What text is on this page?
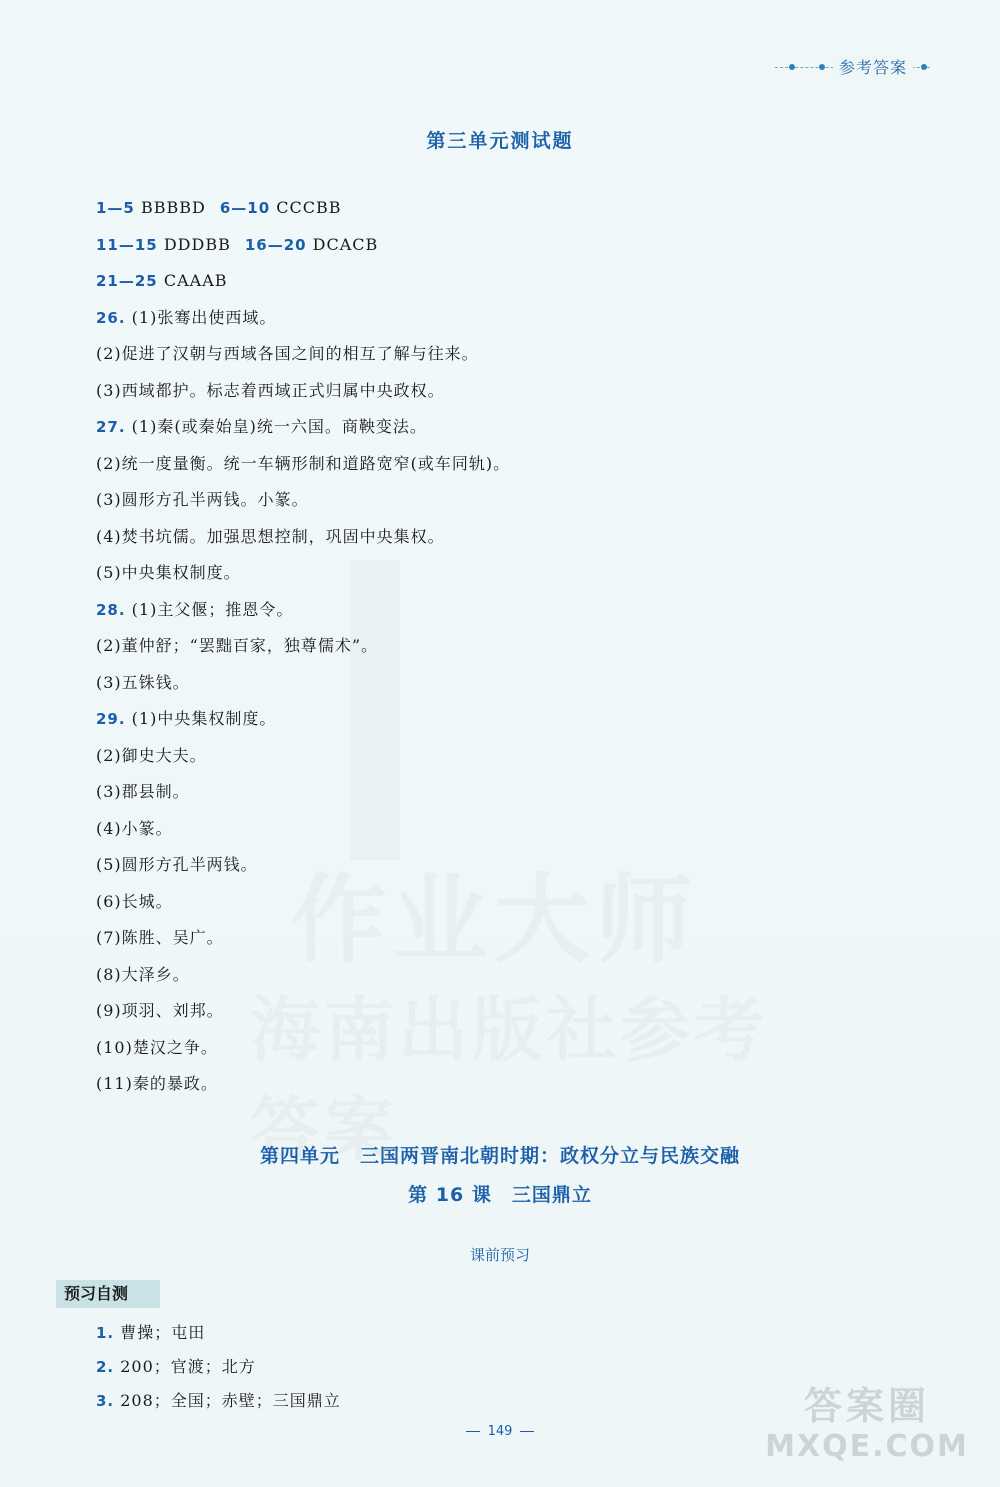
作业大师
海南出版社参考答案
参考答案
第三单元测试题
1—5 BBBBD 6—10 CCCBB
11—15 DDDBB 16—20 DCACB
21—25 CAAAB
26. (1)张骞出使西域。
(2)促进了汉朝与西域各国之间的相互了解与往来。
(3)西域都护。标志着西域正式归属中央政权。
27. (1)秦(或秦始皇)统一六国。商鞅变法。
(2)统一度量衡。统一车辆形制和道路宽窄(或车同轨)。
(3)圆形方孔半两钱。小篆。
(4)焚书坑儒。加强思想控制，巩固中央集权。
(5)中央集权制度。
28. (1)主父偃；推恩令。
(2)董仲舒；“罢黜百家，独尊儒术”。
(3)五铢钱。
29. (1)中央集权制度。
(2)御史大夫。
(3)郡县制。
(4)小篆。
(5)圆形方孔半两钱。
(6)长城。
(7)陈胜、吴广。
(8)大泽乡。
(9)项羽、刘邦。
(10)楚汉之争。
(11)秦的暴政。
第四单元　三国两晋南北朝时期：政权分立与民族交融
第 16 课　三国鼎立
课前预习
预习自测
1. 曹操；屯田
2. 200；官渡；北方
3. 208；全国；赤壁；三国鼎立
149
答案圈
MXQE.COM
